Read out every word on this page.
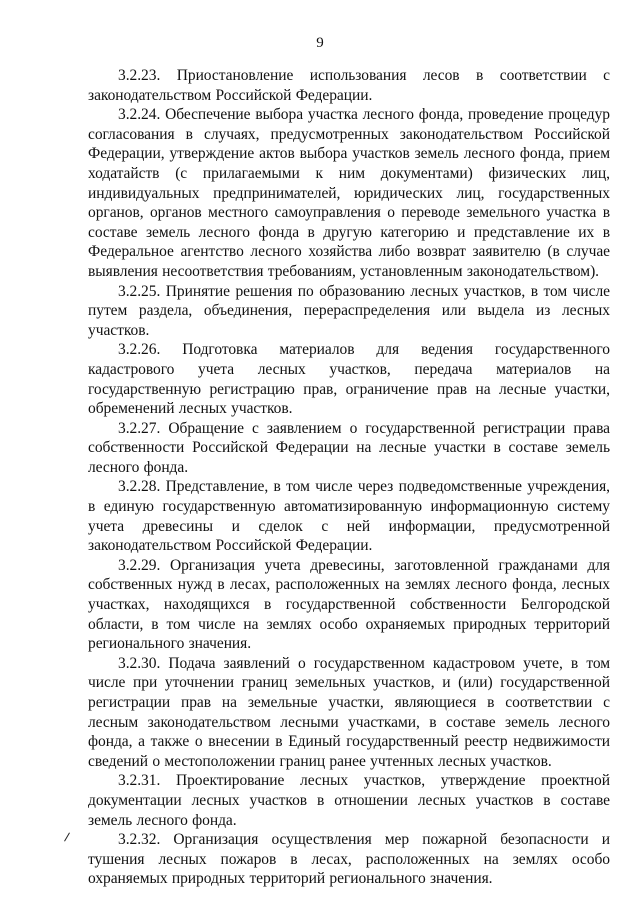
9

3.2.23. Приостановление использования лесов в соответствии с законодательством Российской Федерации.

3.2.24. Обеспечение выбора участка лесного фонда, проведение процедур согласования в случаях, предусмотренных законодательством Российской Федерации, утверждение актов выбора участков земель лесного фонда, прием ходатайств (с прилагаемыми к ним документами) физических лиц, индивидуальных предпринимателей, юридических лиц, государственных органов, органов местного самоуправления о переводе земельного участка в составе земель лесного фонда в другую категорию и представление их в Федеральное агентство лесного хозяйства либо возврат заявителю (в случае выявления несоответствия требованиям, установленным законодательством).

3.2.25. Принятие решения по образованию лесных участков, в том числе путем раздела, объединения, перераспределения или выдела из лесных участков.

3.2.26. Подготовка материалов для ведения государственного кадастрового учета лесных участков, передача материалов на государственную регистрацию прав, ограничение прав на лесные участки, обременений лесных участков.

3.2.27. Обращение с заявлением о государственной регистрации права собственности Российской Федерации на лесные участки в составе земель лесного фонда.

3.2.28. Представление, в том числе через подведомственные учреждения, в единую государственную автоматизированную информационную систему учета древесины и сделок с ней информации, предусмотренной законодательством Российской Федерации.

3.2.29. Организация учета древесины, заготовленной гражданами для собственных нужд в лесах, расположенных на землях лесного фонда, лесных участках, находящихся в государственной собственности Белгородской области, в том числе на землях особо охраняемых природных территорий регионального значения.

3.2.30. Подача заявлений о государственном кадастровом учете, в том числе при уточнении границ земельных участков, и (или) государственной регистрации прав на земельные участки, являющиеся в соответствии с лесным законодательством лесными участками, в составе земель лесного фонда, а также о внесении в Единый государственный реестр недвижимости сведений о местоположении границ ранее учтенных лесных участков.

3.2.31. Проектирование лесных участков, утверждение проектной документации лесных участков в отношении лесных участков в составе земель лесного фонда.

3.2.32. Организация осуществления мер пожарной безопасности и тушения лесных пожаров в лесах, расположенных на землях особо охраняемых природных территорий регионального значения.
